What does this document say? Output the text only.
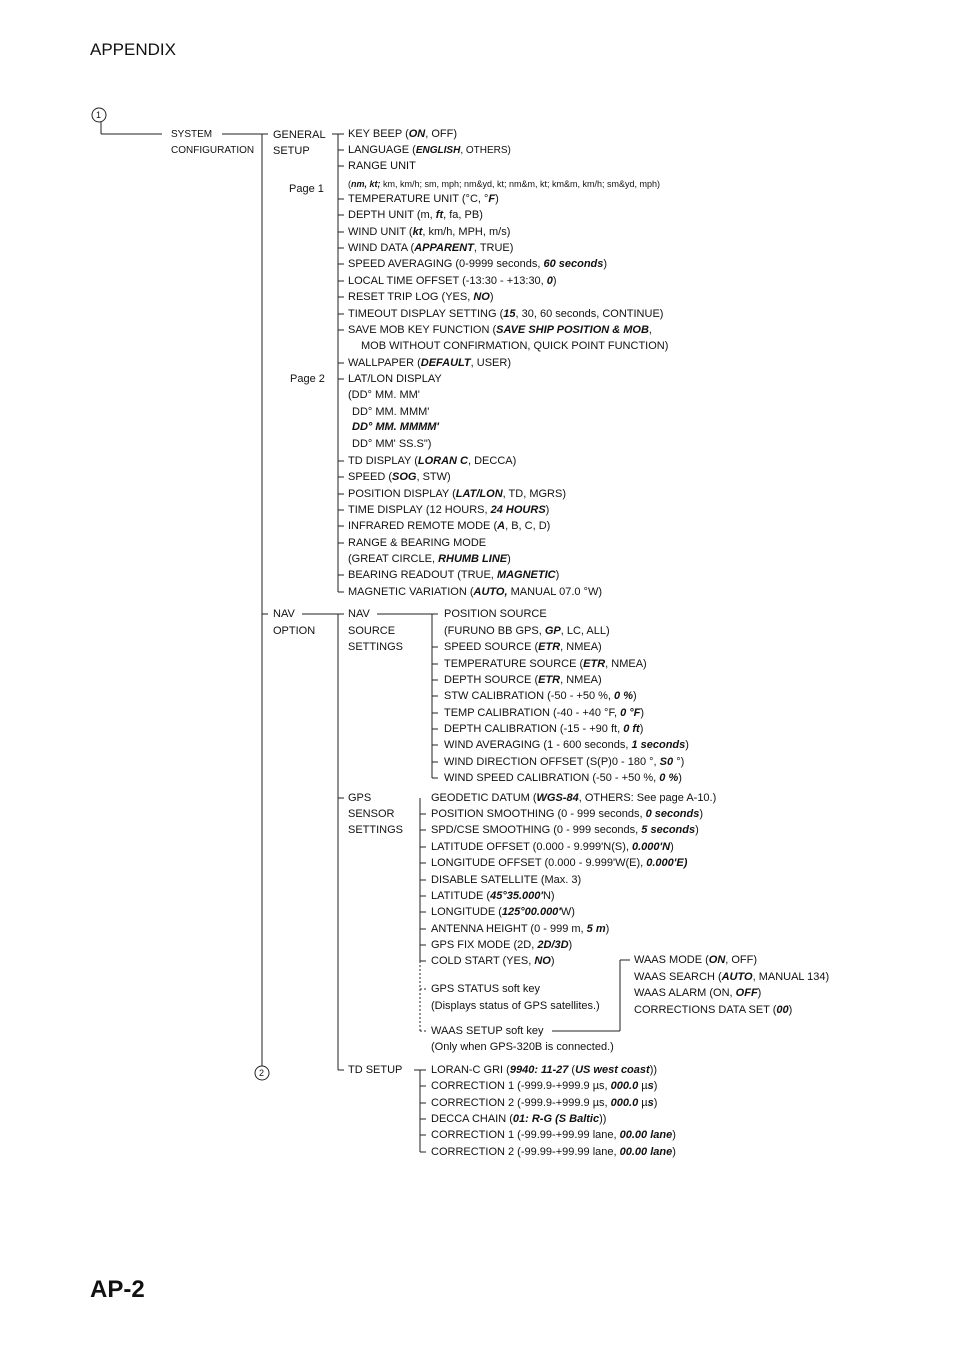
APPENDIX
1
2
SYSTEM
CONFIGURATION
GENERAL
SETUP
Page 1
Page 2
KEY BEEP (ON, OFF)
LANGUAGE (ENGLISH, OTHERS)
RANGE UNIT
(nm, kt; km, km/h; sm, mph; nm&yd, kt; nm&m, kt; km&m, km/h; sm&yd, mph)
TEMPERATURE UNIT (°C, °F)
DEPTH UNIT (m, ft, fa, PB)
WIND UNIT (kt, km/h, MPH, m/s)
WIND DATA (APPARENT, TRUE)
SPEED AVERAGING (0-9999 seconds, 60 seconds)
LOCAL TIME OFFSET (-13:30 - +13:30, 0)
RESET TRIP LOG (YES, NO)
TIMEOUT DISPLAY SETTING (15, 30, 60 seconds, CONTINUE)
SAVE MOB KEY FUNCTION (SAVE SHIP POSITION & MOB,
MOB WITHOUT CONFIRMATION, QUICK POINT FUNCTION)
WALLPAPER (DEFAULT, USER)
LAT/LON DISPLAY
(DD° MM. MM'
DD° MM. MMM'
DD° MM. MMMM'
DD° MM' SS.S")
TD DISPLAY (LORAN C, DECCA)
SPEED (SOG, STW)
POSITION DISPLAY (LAT/LON, TD, MGRS)
TIME DISPLAY (12 HOURS, 24 HOURS)
INFRARED REMOTE MODE (A, B, C, D)
RANGE & BEARING MODE
(GREAT CIRCLE, RHUMB LINE)
BEARING READOUT (TRUE, MAGNETIC)
MAGNETIC VARIATION (AUTO, MANUAL 07.0 °W)
NAV
OPTION
NAV
SOURCE
SETTINGS
POSITION SOURCE
(FURUNO BB GPS, GP, LC, ALL)
SPEED SOURCE (ETR, NMEA)
TEMPERATURE SOURCE (ETR, NMEA)
DEPTH SOURCE (ETR, NMEA)
STW CALIBRATION (-50 - +50 %, 0 %)
TEMP CALIBRATION (-40 - +40 °F, 0 °F)
DEPTH CALIBRATION (-15 - +90 ft, 0 ft)
WIND AVERAGING (1 - 600 seconds, 1 seconds)
WIND DIRECTION OFFSET (S(P)0 - 180 °, S0 °)
WIND SPEED CALIBRATION (-50 - +50 %, 0 %)
GPS
SENSOR
SETTINGS
GEODETIC DATUM (WGS-84, OTHERS: See page A-10.)
POSITION SMOOTHING (0 - 999 seconds, 0 seconds)
SPD/CSE SMOOTHING (0 - 999 seconds, 5 seconds)
LATITUDE OFFSET (0.000 - 9.999'N(S), 0.000'N)
LONGITUDE OFFSET (0.000 - 9.999'W(E), 0.000'E)
DISABLE SATELLITE (Max. 3)
LATITUDE (45°35.000'N)
LONGITUDE (125°00.000'W)
ANTENNA HEIGHT (0 - 999 m, 5 m)
GPS FIX MODE (2D, 2D/3D)
COLD START (YES, NO)
GPS STATUS soft key
(Displays status of GPS satellites.)
WAAS SETUP soft key
(Only when GPS-320B is connected.)
WAAS MODE (ON, OFF)
WAAS SEARCH (AUTO, MANUAL 134)
WAAS ALARM (ON, OFF)
CORRECTIONS DATA SET (00)
TD SETUP	LORAN-C GRI (9940: 11-27 (US west coast))
CORRECTION 1 (-999.9-+999.9 µs, 000.0 µs)
CORRECTION 2 (-999.9-+999.9 µs, 000.0 µs)
DECCA CHAIN (01: R-G (S Baltic))
CORRECTION 1 (-99.99-+99.99 lane, 00.00 lane)
CORRECTION 2 (-99.99-+99.99 lane, 00.00 lane)
AP-2
